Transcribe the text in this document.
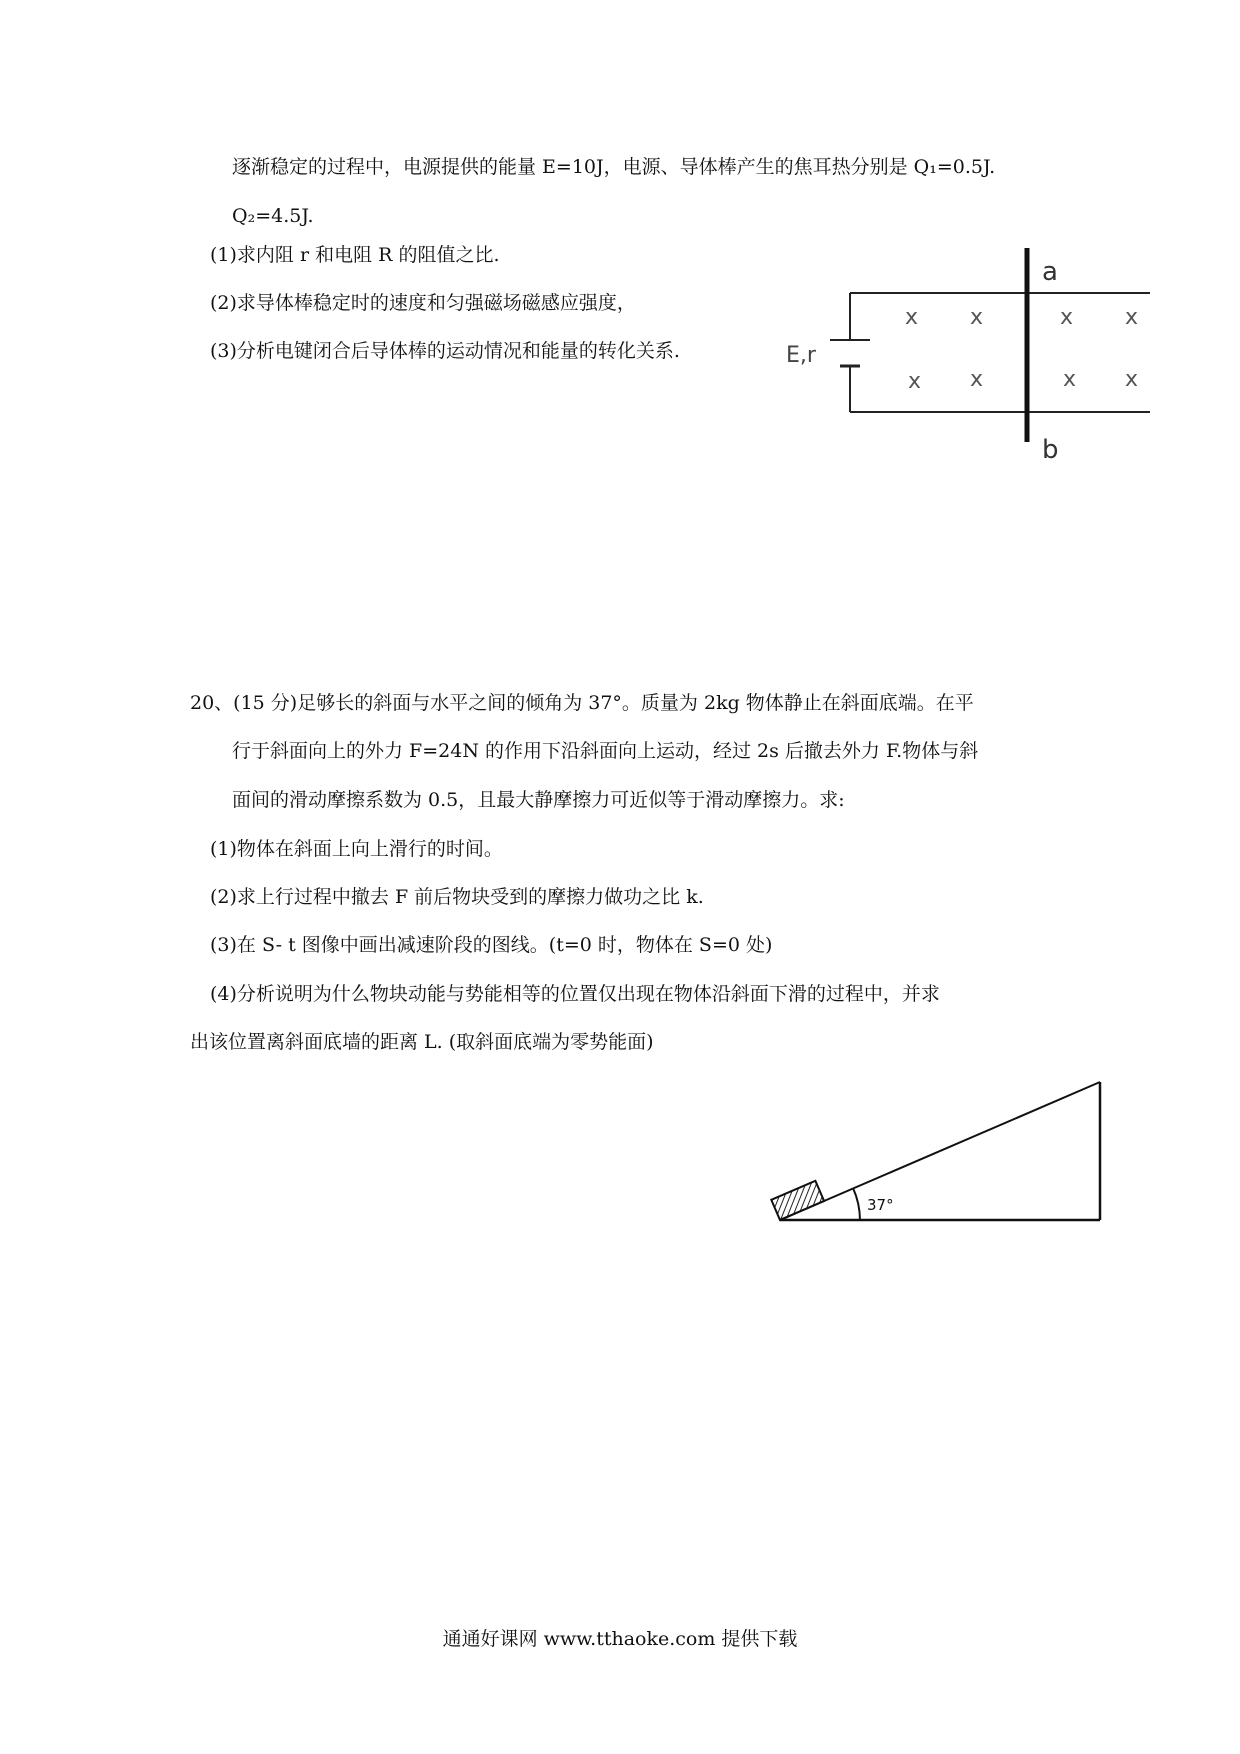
逐渐稳定的过程中，电源提供的能量 E=10J，电源、导体棒产生的焦耳热分别是 Q₁=0.5J.
Q₂=4.5J.
(1)求内阻 r 和电阻 R 的阻值之比.
(2)求导体棒稳定时的速度和匀强磁场磁感应强度，
(3)分析电键闭合后导体棒的运动情况和能量的转化关系.	E,r
a
b
x x	x x
x x	x x
20、(15 分)足够长的斜面与水平之间的倾角为 37°。质量为 2kg 物体静止在斜面底端。在平
行于斜面向上的外力 F=24N 的作用下沿斜面向上运动，经过 2s 后撤去外力 F.物体与斜
面间的滑动摩擦系数为 0.5，且最大静摩擦力可近似等于滑动摩擦力。求:
(1)物体在斜面上向上滑行的时间。
(2)求上行过程中撤去 F 前后物块受到的摩擦力做功之比 k.
(3)在 S- t 图像中画出减速阶段的图线。(t=0 时，物体在 S=0 处)
(4)分析说明为什么物块动能与势能相等的位置仅出现在物体沿斜面下滑的过程中，并求
出该位置离斜面底墙的距离 L. (取斜面底端为零势能面)
37°
通通好课网 www.tthaoke.com 提供下载
